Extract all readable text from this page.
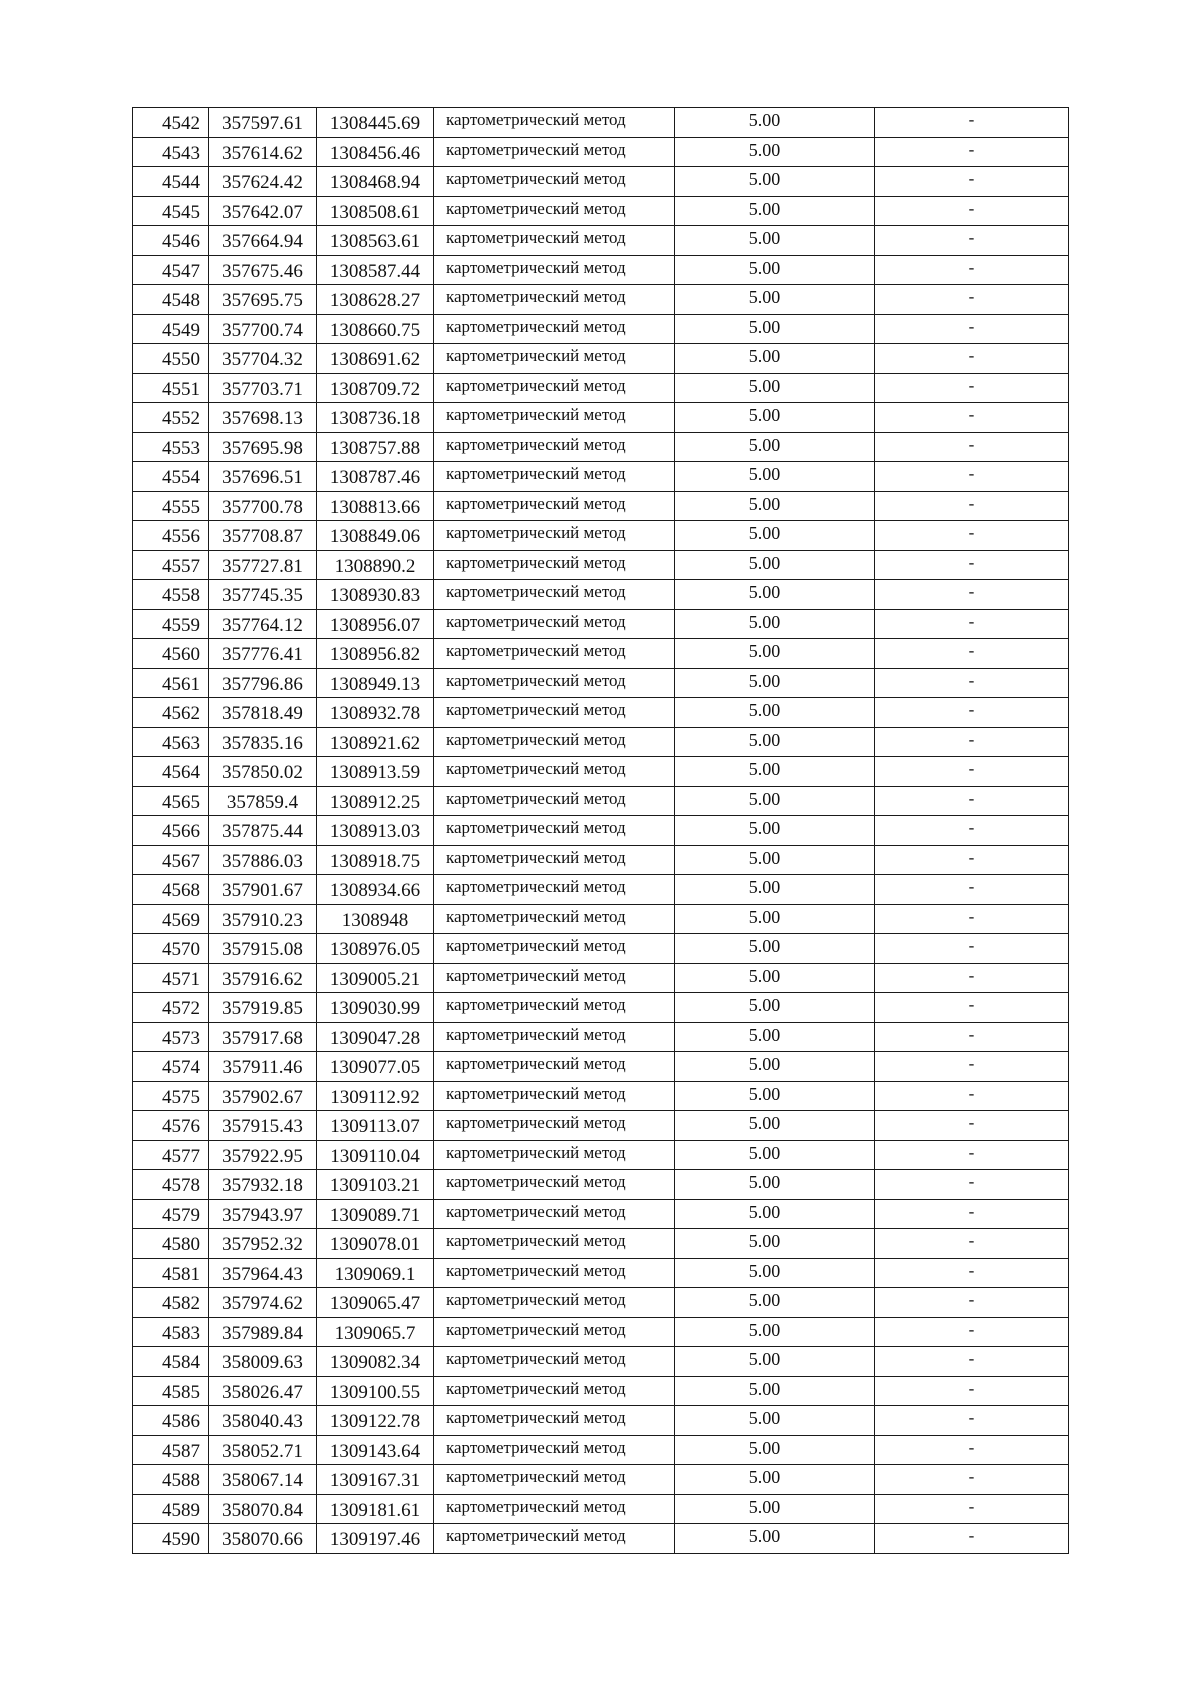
4542	357597.61	1308445.69	картометрический метод	5.00	-
4543	357614.62	1308456.46	картометрический метод	5.00	-
4544	357624.42	1308468.94	картометрический метод	5.00	-
4545	357642.07	1308508.61	картометрический метод	5.00	-
4546	357664.94	1308563.61	картометрический метод	5.00	-
4547	357675.46	1308587.44	картометрический метод	5.00	-
4548	357695.75	1308628.27	картометрический метод	5.00	-
4549	357700.74	1308660.75	картометрический метод	5.00	-
4550	357704.32	1308691.62	картометрический метод	5.00	-
4551	357703.71	1308709.72	картометрический метод	5.00	-
4552	357698.13	1308736.18	картометрический метод	5.00	-
4553	357695.98	1308757.88	картометрический метод	5.00	-
4554	357696.51	1308787.46	картометрический метод	5.00	-
4555	357700.78	1308813.66	картометрический метод	5.00	-
4556	357708.87	1308849.06	картометрический метод	5.00	-
4557	357727.81	1308890.2	картометрический метод	5.00	-
4558	357745.35	1308930.83	картометрический метод	5.00	-
4559	357764.12	1308956.07	картометрический метод	5.00	-
4560	357776.41	1308956.82	картометрический метод	5.00	-
4561	357796.86	1308949.13	картометрический метод	5.00	-
4562	357818.49	1308932.78	картометрический метод	5.00	-
4563	357835.16	1308921.62	картометрический метод	5.00	-
4564	357850.02	1308913.59	картометрический метод	5.00	-
4565	357859.4	1308912.25	картометрический метод	5.00	-
4566	357875.44	1308913.03	картометрический метод	5.00	-
4567	357886.03	1308918.75	картометрический метод	5.00	-
4568	357901.67	1308934.66	картометрический метод	5.00	-
4569	357910.23	1308948	картометрический метод	5.00	-
4570	357915.08	1308976.05	картометрический метод	5.00	-
4571	357916.62	1309005.21	картометрический метод	5.00	-
4572	357919.85	1309030.99	картометрический метод	5.00	-
4573	357917.68	1309047.28	картометрический метод	5.00	-
4574	357911.46	1309077.05	картометрический метод	5.00	-
4575	357902.67	1309112.92	картометрический метод	5.00	-
4576	357915.43	1309113.07	картометрический метод	5.00	-
4577	357922.95	1309110.04	картометрический метод	5.00	-
4578	357932.18	1309103.21	картометрический метод	5.00	-
4579	357943.97	1309089.71	картометрический метод	5.00	-
4580	357952.32	1309078.01	картометрический метод	5.00	-
4581	357964.43	1309069.1	картометрический метод	5.00	-
4582	357974.62	1309065.47	картометрический метод	5.00	-
4583	357989.84	1309065.7	картометрический метод	5.00	-
4584	358009.63	1309082.34	картометрический метод	5.00	-
4585	358026.47	1309100.55	картометрический метод	5.00	-
4586	358040.43	1309122.78	картометрический метод	5.00	-
4587	358052.71	1309143.64	картометрический метод	5.00	-
4588	358067.14	1309167.31	картометрический метод	5.00	-
4589	358070.84	1309181.61	картометрический метод	5.00	-
4590	358070.66	1309197.46	картометрический метод	5.00	-
